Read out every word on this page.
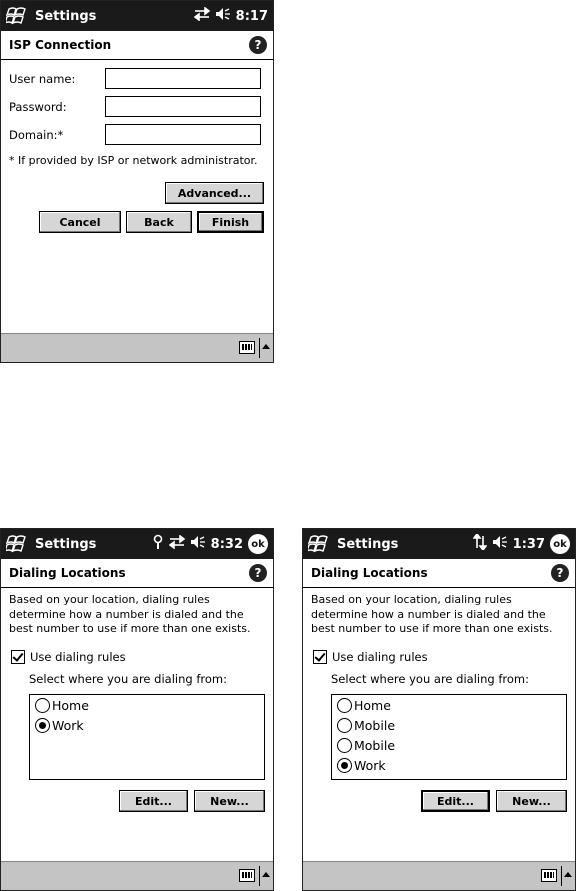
Settings	8:17
ISP Connection	?
User name:
Password:
Domain:*
* If provided by ISP or network administrator.
Advanced...
Cancel	Back	Finish
Settings	8:32 ok
Dialing Locations	?
Based on your location, dialing rules determine how a number is dialed and the best number to use if more than one exists.
Use dialing rules
Select where you are dialing from:
Home
Work
Edit...	New...
Settings	1:37 ok
Dialing Locations	?
Based on your location, dialing rules determine how a number is dialed and the best number to use if more than one exists.
Use dialing rules
Select where you are dialing from:
Home
Mobile
Mobile
Work
Edit...	New...
